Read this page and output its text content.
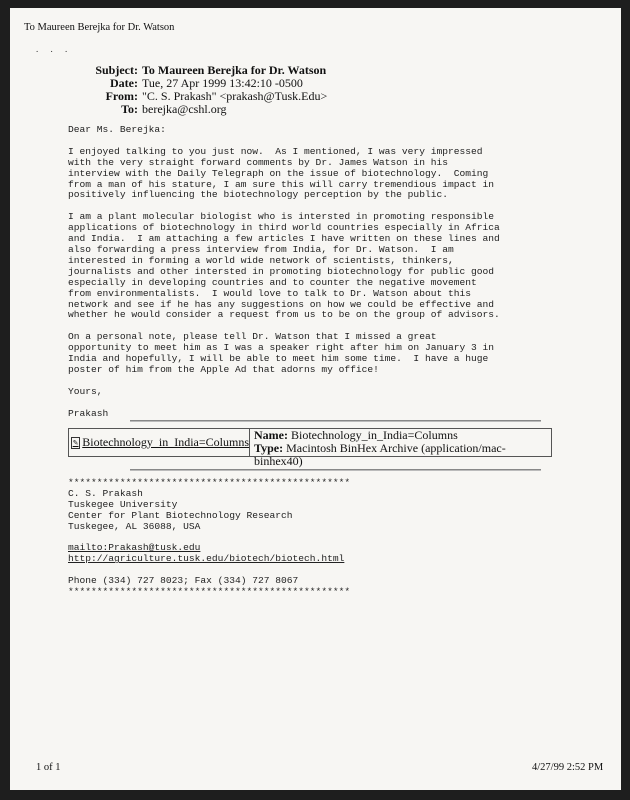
To Maureen Berejka for Dr. Watson
. . .
Subject: To Maureen Berejka for Dr. Watson
Date: Tue, 27 Apr 1999 13:42:10 -0500
From: "C. S. Prakash" <prakash@Tusk.Edu>
To: berejka@cshl.org
Dear Ms. Berejka:

I enjoyed talking to you just now.  As I mentioned, I was very impressed
with the very straight forward comments by Dr. James Watson in his
interview with the Daily Telegraph on the issue of biotechnology.  Coming
from a man of his stature, I am sure this will carry tremendious impact in
positively influencing the biotechnology perception by the public.

I am a plant molecular biologist who is intersted in promoting responsible
applications of biotechnology in third world countries especially in Africa
and India.  I am attaching a few articles I have written on these lines and
also forwarding a press interview from India, for Dr. Watson.  I am
interested in forming a world wide network of scientists, thinkers,
journalists and other intersted in promoting biotechnology for public good
especially in developing countries and to counter the negative movement
from environmentalists.  I would love to talk to Dr. Watson about this
network and see if he has any suggestions on how we could be effective and
whether he would consider a request from us to be on the group of advisors.

On a personal note, please tell Dr. Watson that I missed a great
opportunity to meet him as I was a speaker right after him on January 3 in
India and hopefully, I will be able to meet him some time.  I have a huge
poster of him from the Apple Ad that adorns my office!

Yours,

Prakash
✎ Biotechnology_in_India=Columns Name: Biotechnology_in_India=Columns
Type: Macintosh BinHex Archive (application/mac-binhex40)
*************************************************
C. S. Prakash
Tuskegee University
Center for Plant Biotechnology Research
Tuskegee, AL 36088, USA

mailto:Prakash@tusk.edu
http://agriculture.tusk.edu/biotech/biotech.html

Phone (334) 727 8023; Fax (334) 727 8067
*************************************************
1 of 1	4/27/99 2:52 PM
